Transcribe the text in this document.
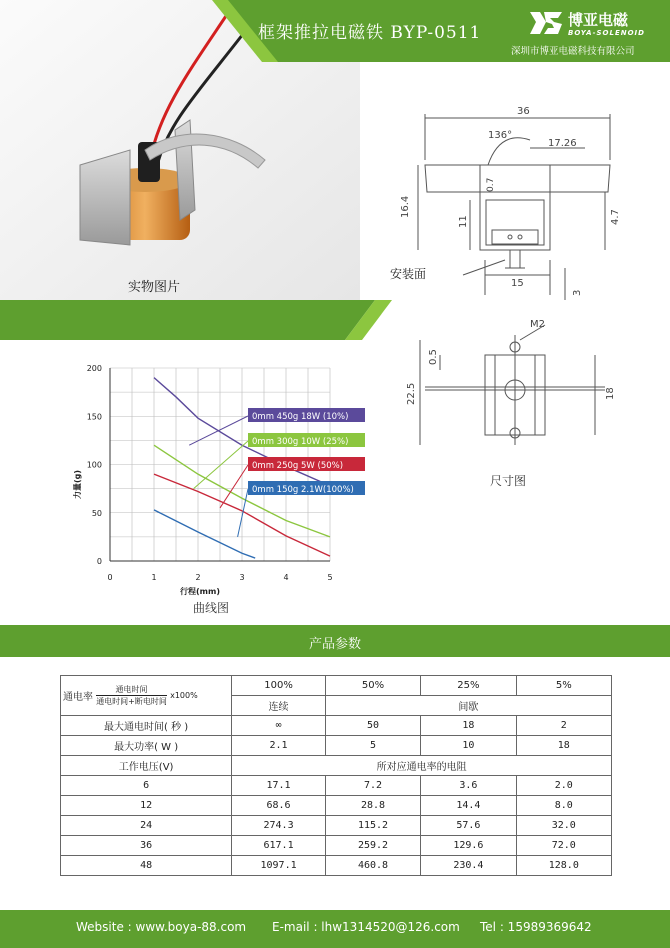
框架推拉电磁铁 BYP-0511
博亚电磁
BOYA-SOLENOID
深圳市博亚电磁科技有限公司
实物图片
36
136°
17.26
16.4
11
0.7
4.7
15
3
安装面
M2
0.5
22.5	18
尺寸图
0	1	2	3	4	5
0
50
100
150
200
行程(mm)
力量(g)
0mm 450g 18W (10%)
0mm 300g 10W (25%)
0mm 250g 5W (50%)
0mm 150g 2.1W(100%)
曲线图
产品参数
通电率 $\frac{\text{通电时间}}{\text{通电时间+断电时间}} x100\%$	100%	50%	25%	5%
	连续	间歇		
最大通电时间( 秒 )	∞	50	18	2
最大功率( W )	2.1	5	10	18
工作电压(V)	所对应通电率的电阻			
6	17.1	7.2	3.6	2.0
12	68.6	28.8	14.4	8.0
24	274.3	115.2	57.6	32.0
36	617.1	259.2	129.6	72.0
48	1097.1	460.8	230.4	128.0
Website : www.boya-88.com E-mail : lhw1314520@126.com Tel : 15989369642
